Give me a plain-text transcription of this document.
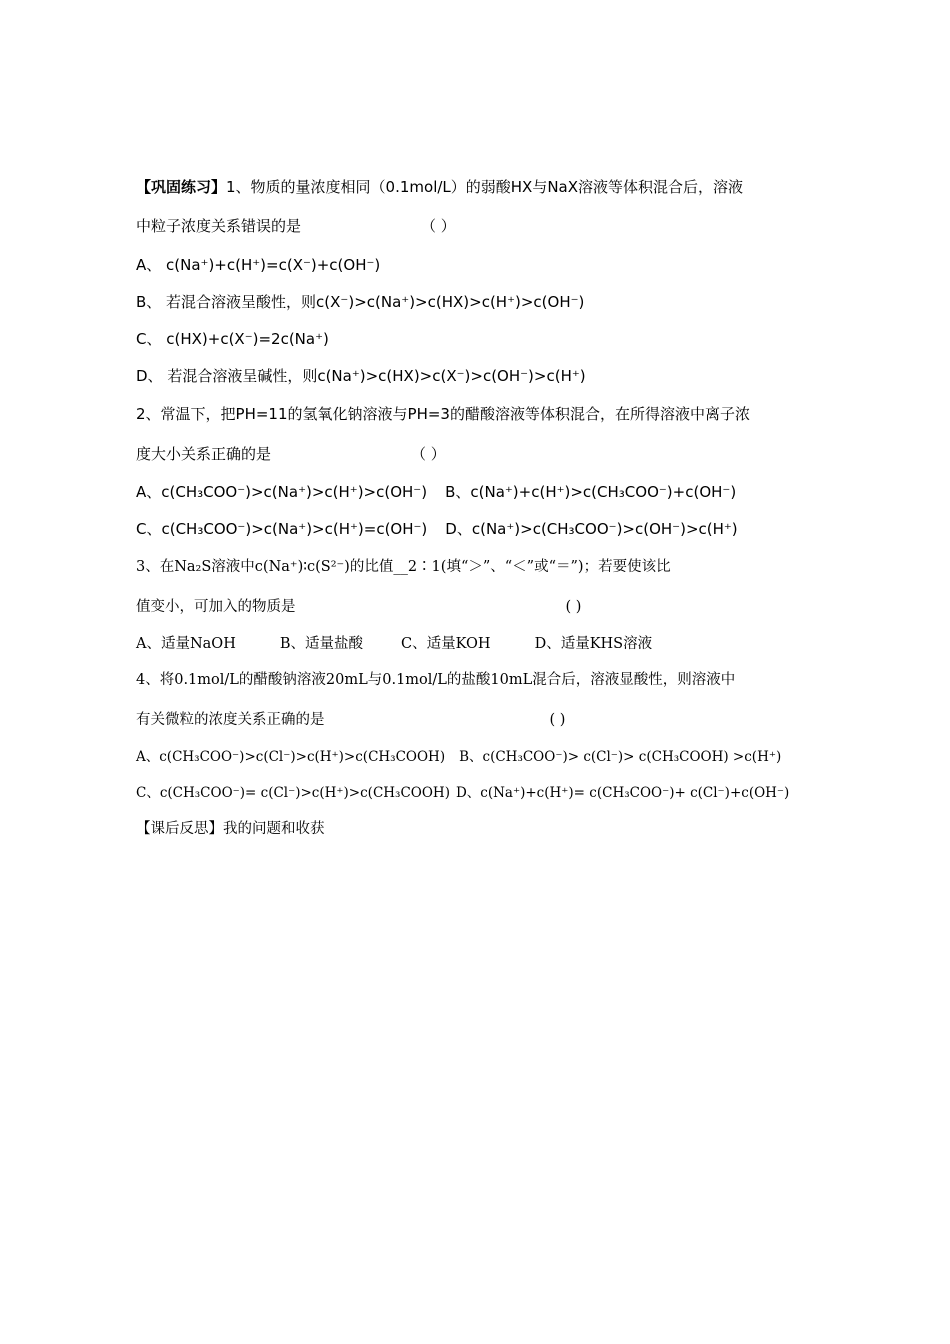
【巩固练习】1、物质的量浓度相同（0.1mol/L）的弱酸HX与NaX溶液等体积混合后，溶液
中粒子浓度关系错误的是	（ ）
A、 c(Na⁺)+c(H⁺)=c(X⁻)+c(OH⁻)
B、 若混合溶液呈酸性，则c(X⁻)>c(Na⁺)>c(HX)>c(H⁺)>c(OH⁻)
C、 c(HX)+c(X⁻)=2c(Na⁺)
D、 若混合溶液呈碱性，则c(Na⁺)>c(HX)>c(X⁻)>c(OH⁻)>c(H⁺)
2、常温下，把PH=11的氢氧化钠溶液与PH=3的醋酸溶液等体积混合，在所得溶液中离子浓
度大小关系正确的是	（ ）
A、c(CH₃COO⁻)>c(Na⁺)>c(H⁺)>c(OH⁻) B、c(Na⁺)+c(H⁺)>c(CH₃COO⁻)+c(OH⁻)
C、c(CH₃COO⁻)>c(Na⁺)>c(H⁺)=c(OH⁻) D、c(Na⁺)>c(CH₃COO⁻)>c(OH⁻)>c(H⁺)
3、在Na₂S溶液中c(Na⁺)∶c(S²⁻)的比值__2∶1(填“＞”、“＜”或“＝”)；若要使该比
值变小，可加入的物质是	( )
A、适量NaOH	B、适量盐酸	C、适量KOH	D、适量KHS溶液
4、将0.1mol/L的醋酸钠溶液20mL与0.1mol/L的盐酸10mL混合后，溶液显酸性，则溶液中
有关微粒的浓度关系正确的是	( )
A、c(CH₃COO⁻)>c(Cl⁻)>c(H⁺)>c(CH₃COOH) B、c(CH₃COO⁻)> c(Cl⁻)> c(CH₃COOH) >c(H⁺)
C、c(CH₃COO⁻)= c(Cl⁻)>c(H⁺)>c(CH₃COOH) D、c(Na⁺)+c(H⁺)= c(CH₃COO⁻)+ c(Cl⁻)+c(OH⁻)
【课后反思】我的问题和收获
